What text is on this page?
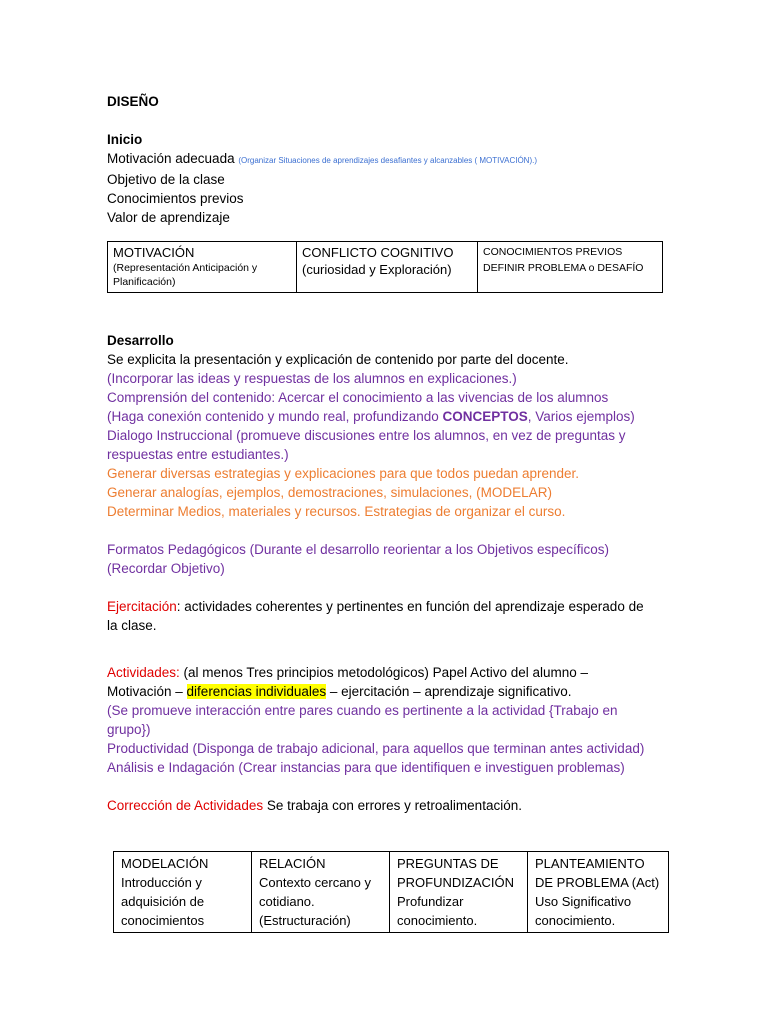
DISEÑO
Inicio
Motivación adecuada (Organizar Situaciones de aprendizajes desafiantes y alcanzables ( MOTIVACIÓN).)
Objetivo de la clase
Conocimientos previos
Valor de aprendizaje
MOTIVACIÓN
(Representación Anticipación y Planificación)

CONFLICTO COGNITIVO
(curiosidad y Exploración)

CONOCIMIENTOS PREVIOS
DEFINIR PROBLEMA o DESAFÍO
Desarrollo
Se explicita la presentación y explicación de contenido por parte del docente.
(Incorporar las ideas y respuestas de los alumnos en explicaciones.)
Comprensión del contenido: Acercar el conocimiento a las vivencias de los alumnos
(Haga conexión contenido y mundo real, profundizando CONCEPTOS, Varios ejemplos)
Dialogo Instruccional (promueve discusiones entre los alumnos, en vez de preguntas y
respuestas entre estudiantes.)
Generar diversas estrategias y explicaciones para que todos puedan aprender.
Generar analogías, ejemplos, demostraciones, simulaciones, (MODELAR)
Determinar Medios, materiales y recursos. Estrategias de organizar el curso.
Formatos Pedagógicos (Durante el desarrollo reorientar a los Objetivos específicos)
(Recordar Objetivo)
Ejercitación: actividades coherentes y pertinentes en función del aprendizaje esperado de
la clase.
Actividades: (al menos Tres principios metodológicos) Papel Activo del alumno –
Motivación – diferencias individuales – ejercitación – aprendizaje significativo.
(Se promueve interacción entre pares cuando es pertinente a la actividad {Trabajo en
grupo})
Productividad (Disponga de trabajo adicional, para aquellos que terminan antes actividad)
Análisis e Indagación (Crear instancias para que identifiquen e investiguen problemas)
Corrección de Actividades Se trabaja con errores y retroalimentación.
MODELACIÓN
Introducción y
adquisición de
conocimientos

RELACIÓN
Contexto cercano y
cotidiano.
(Estructuración)

PREGUNTAS DE
PROFUNDIZACIÓN
Profundizar
conocimiento.

PLANTEAMIENTO
DE PROBLEMA (Act)
Uso Significativo
conocimiento.
